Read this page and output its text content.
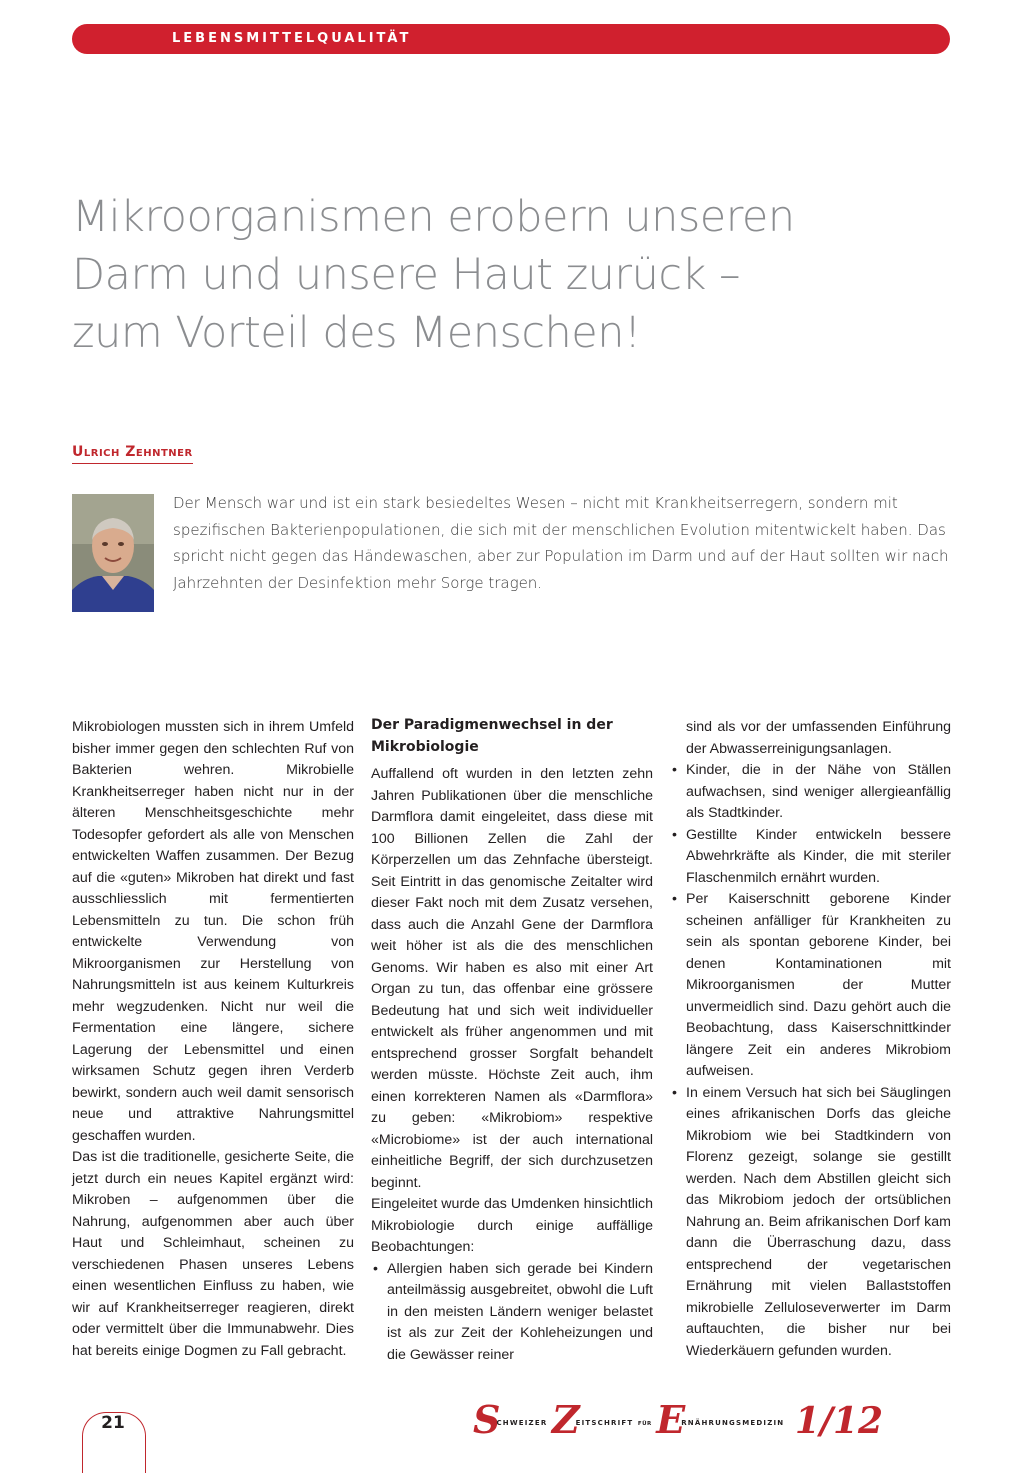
LEBENSMITTELQUALITÄT
Mikroorganismen erobern unseren
Darm und unsere Haut zurück –
zum Vorteil des Menschen!
Ulrich Zehntner

Der Mensch war und ist ein stark besiedeltes Wesen – nicht mit Krankheitserregern, sondern mit spezifischen Bakterienpopulationen, die sich mit der menschlichen Evolution mitentwickelt haben. Das spricht nicht gegen das Händewaschen, aber zur Population im Darm und auf der Haut sollten wir nach Jahrzehnten der Desinfektion mehr Sorge tragen.

Mikrobiologen mussten sich in ihrem Umfeld bisher immer gegen den schlechten Ruf von Bakterien wehren. Mikrobielle Krankheitserreger haben nicht nur in der älteren Menschheitsgeschichte mehr Todesopfer gefordert als alle von Menschen entwickelten Waffen zusammen. Der Bezug auf die «guten» Mikroben hat direkt und fast ausschliesslich mit fermentierten Lebensmitteln zu tun. Die schon früh entwickelte Verwendung von Mikroorganismen zur Herstellung von Nahrungsmitteln ist aus keinem Kulturkreis mehr wegzudenken. Nicht nur weil die Fermentation eine längere, sichere Lagerung der Lebensmittel und einen wirksamen Schutz gegen ihren Verderb bewirkt, sondern auch weil damit sensorisch neue und attraktive Nahrungsmittel geschaffen wurden.

Das ist die traditionelle, gesicherte Seite, die jetzt durch ein neues Kapitel ergänzt wird: Mikroben – aufgenommen über die Nahrung, aufgenommen aber auch über Haut und Schleimhaut, scheinen zu verschiedenen Phasen unseres Lebens einen wesentlichen Einfluss zu haben, wie wir auf Krankheitserreger reagieren, direkt oder vermittelt über die Immunabwehr. Dies hat bereits einige Dogmen zu Fall gebracht.

Der Paradigmenwechsel in der Mikrobiologie

Auffallend oft wurden in den letzten zehn Jahren Publikationen über die menschliche Darmflora damit eingeleitet, dass diese mit 100 Billionen Zellen die Zahl der Körperzellen um das Zehnfache übersteigt. Seit Eintritt in das genomische Zeitalter wird dieser Fakt noch mit dem Zusatz versehen, dass auch die Anzahl Gene der Darmflora weit höher ist als die des menschlichen Genoms. Wir haben es also mit einer Art Organ zu tun, das offenbar eine grössere Bedeutung hat und sich weit individueller entwickelt als früher angenommen und mit entsprechend grosser Sorgfalt behandelt werden müsste. Höchste Zeit auch, ihm einen korrekteren Namen als «Darmflora» zu geben: «Mikrobiom» respektive «Microbiome» ist der auch international einheitliche Begriff, der sich durchzusetzen beginnt.

Eingeleitet wurde das Umdenken hinsichtlich Mikrobiologie durch einige auffällige Beobachtungen:

• Allergien haben sich gerade bei Kindern anteilmässig ausgebreitet, obwohl die Luft in den meisten Ländern weniger belastet ist als zur Zeit der Kohleheizungen und die Gewässer reiner

sind als vor der umfassenden Einführung der Abwasserreinigungsanlagen.

• Kinder, die in der Nähe von Ställen aufwachsen, sind weniger allergieanfällig als Stadtkinder.
• Gestillte Kinder entwickeln bessere Abwehrkräfte als Kinder, die mit steriler Flaschenmilch ernährt wurden.
• Per Kaiserschnitt geborene Kinder scheinen anfälliger für Krankheiten zu sein als spontan geborene Kinder, bei denen Kontaminationen mit Mikroorganismen der Mutter unvermeidlich sind. Dazu gehört auch die Beobachtung, dass Kaiserschnittkinder längere Zeit ein anderes Mikrobiom aufweisen.
• In einem Versuch hat sich bei Säuglingen eines afrikanischen Dorfs das gleiche Mikrobiom wie bei Stadtkindern von Florenz gezeigt, solange sie gestillt werden. Nach dem Abstillen gleicht sich das Mikrobiom jedoch der ortsüblichen Nahrung an. Beim afrikanischen Dorf kam dann die Überraschung dazu, dass entsprechend der vegetarischen Ernährung mit vielen Ballaststoffen mikrobielle Zelluloseverwerter im Darm auftauchten, die bisher nur bei Wiederkäuern gefunden wurden.
21	$S^{CHWEIZER}$ $Z^{EITSCHRIFT}$ $^{FÜR}$ $E^{RNÄHRUNGSMEDIZIN}$ 1/12
